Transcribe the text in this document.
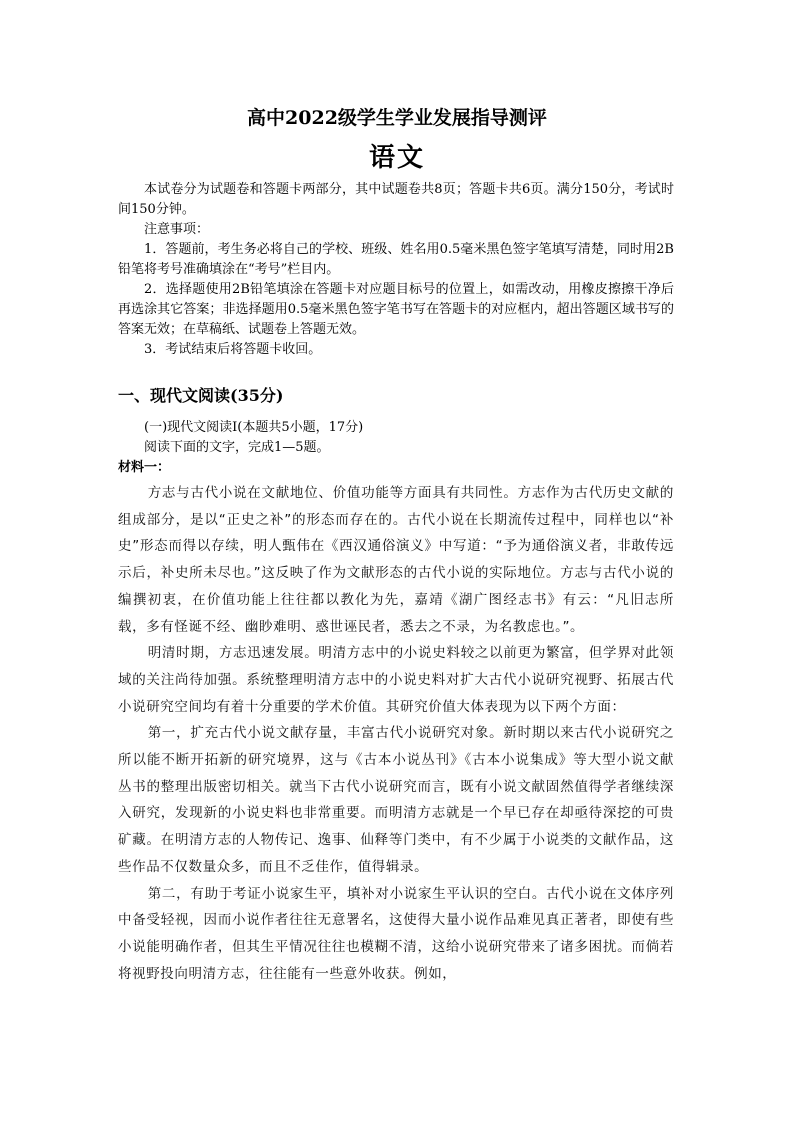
高中2022级学生学业发展指导测评
语文

本试卷分为试题卷和答题卡两部分，其中试题卷共8页；答题卡共6页。满分150分，考试时间150分钟。

注意事项：

1．答题前，考生务必将自己的学校、班级、姓名用0.5毫米黑色签字笔填写清楚，同时用2B铅笔将考号准确填涂在“考号”栏目内。

2．选择题使用2B铅笔填涂在答题卡对应题目标号的位置上，如需改动，用橡皮擦擦干净后再选涂其它答案；非选择题用0.5毫米黑色签字笔书写在答题卡的对应框内，超出答题区域书写的答案无效；在草稿纸、试题卷上答题无效。

3．考试结束后将答题卡收回。

一、现代文阅读(35分)

(一)现代文阅读Ⅰ(本题共5小题，17分)

阅读下面的文字，完成1—5题。

材料一：

方志与古代小说在文献地位、价值功能等方面具有共同性。方志作为古代历史文献的组成部分，是以“正史之补”的形态而存在的。古代小说在长期流传过程中，同样也以“补史”形态而得以存续，明人甄伟在《西汉通俗演义》中写道：“予为通俗演义者，非敢传远示后，补史所未尽也。”这反映了作为文献形态的古代小说的实际地位。方志与古代小说的编撰初衷，在价值功能上往往都以教化为先，嘉靖《湖广图经志书》有云：“凡旧志所载，多有怪诞不经、幽眇难明、惑世诬民者，悉去之不录，为名教虑也。”。

明清时期，方志迅速发展。明清方志中的小说史料较之以前更为繁富，但学界对此领域的关注尚待加强。系统整理明清方志中的小说史料对扩大古代小说研究视野、拓展古代小说研究空间均有着十分重要的学术价值。其研究价值大体表现为以下两个方面：

第一，扩充古代小说文献存量，丰富古代小说研究对象。新时期以来古代小说研究之所以能不断开拓新的研究境界，这与《古本小说丛刊》《古本小说集成》等大型小说文献丛书的整理出版密切相关。就当下古代小说研究而言，既有小说文献固然值得学者继续深入研究，发现新的小说史料也非常重要。而明清方志就是一个早已存在却亟待深挖的可贵矿藏。在明清方志的人物传记、逸事、仙释等门类中，有不少属于小说类的文献作品，这些作品不仅数量众多，而且不乏佳作，值得辑录。

第二，有助于考证小说家生平，填补对小说家生平认识的空白。古代小说在文体序列中备受轻视，因而小说作者往往无意署名，这使得大量小说作品难见真正著者，即使有些小说能明确作者，但其生平情况往往也模糊不清，这给小说研究带来了诸多困扰。而倘若将视野投向明清方志，往往能有一些意外收获。例如，
